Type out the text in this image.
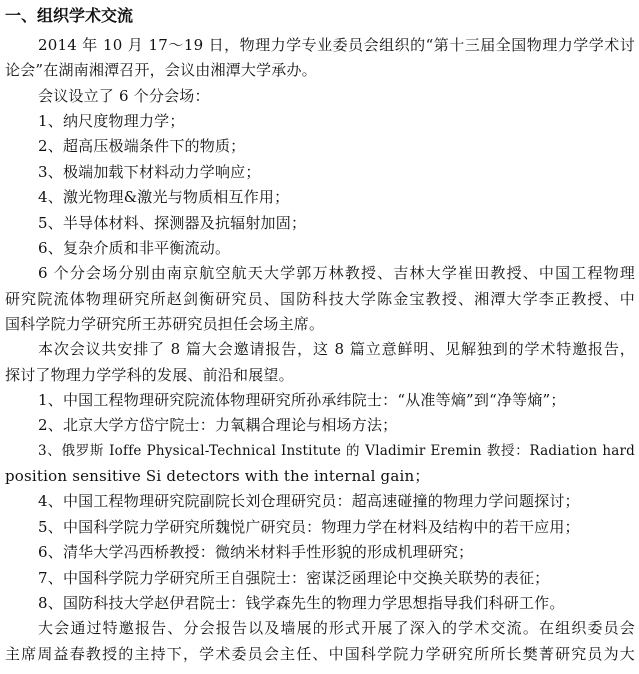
一、组织学术交流
2014 年 10 月 17～19 日，物理力学专业委员会组织的“第十三届全国物理力学学术讨
论会”在湖南湘潭召开，会议由湘潭大学承办。
会议设立了 6 个分会场：
1、纳尺度物理力学；
2、超高压极端条件下的物质；
3、极端加载下材料动力学响应；
4、激光物理&激光与物质相互作用；
5、半导体材料、探测器及抗辐射加固；
6、复杂介质和非平衡流动。
6 个分会场分别由南京航空航天大学郭万林教授、吉林大学崔田教授、中国工程物理
研究院流体物理研究所赵剑衡研究员、国防科技大学陈金宝教授、湘潭大学李正教授、中
国科学院力学研究所王苏研究员担任会场主席。
本次会议共安排了 8 篇大会邀请报告，这 8 篇立意鲜明、见解独到的学术特邀报告，
探讨了物理力学学科的发展、前沿和展望。
1、中国工程物理研究院流体物理研究所孙承纬院士：“从准等熵”到“净等熵”；
2、北京大学方岱宁院士：力氧耦合理论与相场方法；
3、俄罗斯 Ioffe Physical-Technical Institute 的 Vladimir Eremin 教授：Radiation hard
position sensitive Si detectors with the internal gain；
4、中国工程物理研究院副院长刘仓理研究员：超高速碰撞的物理力学问题探讨；
5、中国科学院力学研究所魏悦广研究员：物理力学在材料及结构中的若干应用；
6、清华大学冯西桥教授：微纳米材料手性形貌的形成机理研究；
7、中国科学院力学研究所王自强院士：密谋泛函理论中交换关联势的表征；
8、国防科技大学赵伊君院士：钱学森先生的物理力学思想指导我们科研工作。
大会通过特邀报告、分会报告以及墙展的形式开展了深入的学术交流。在组织委员会
主席周益春教授的主持下，学术委员会主任、中国科学院力学研究所所长樊菁研究员为大
